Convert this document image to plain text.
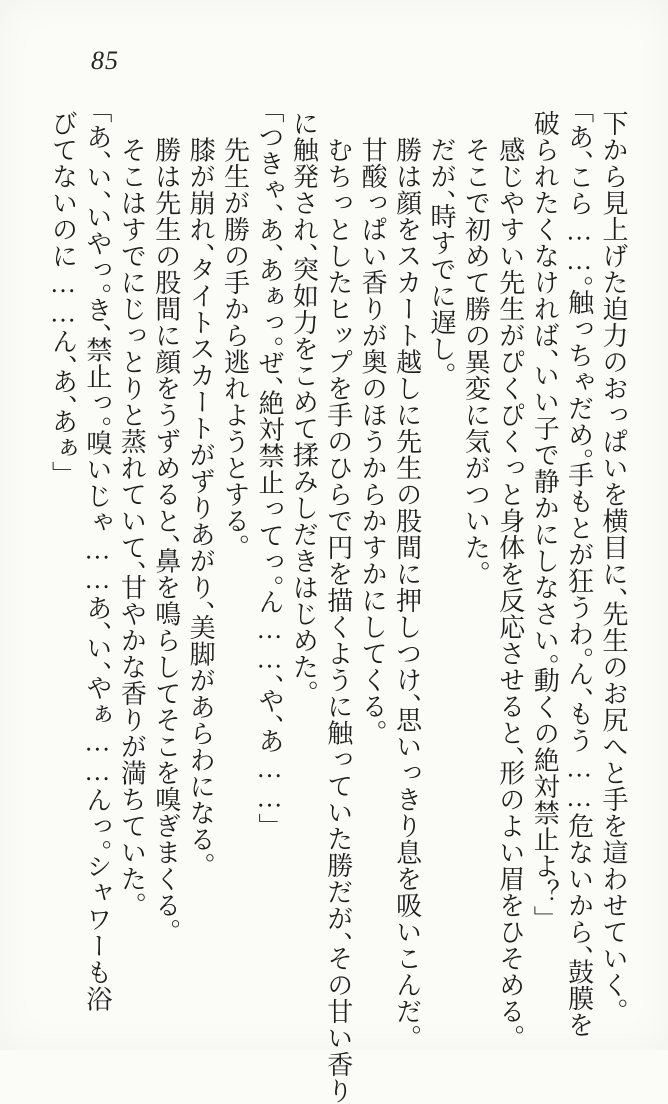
85
下から見上げた迫力のおっぱいを横目に、先生のお尻へと手を這わせていく。
「あ、こら……。触っちゃだめ。手もとが狂うわ。ん、もう……危ないから、鼓膜を
破られたくなければ、いい子で静かにしなさい。動くの絶対禁止よ？」
　感じやすい先生がぴくぴくっと身体を反応させると、形のよい眉をひそめる。
　そこで初めて勝の異変に気がついた。
　だが、時すでに遅し。
　勝は顔をスカート越しに先生の股間に押しつけ、思いっきり息を吸いこんだ。
　甘酸っぱい香りが奥のほうからかすかにしてくる。
　むちっとしたヒップを手のひらで円を描くように触っていた勝だが、その甘い香り
に触発され、突如力をこめて揉みしだきはじめた。
「つきゃ、あ、あぁっ。ぜ、絶対禁止ってっ。ん……、や、あ……」
　先生が勝の手から逃れようとする。
　膝が崩れ、タイトスカートがずりあがり、美脚があらわになる。
　勝は先生の股間に顔をうずめると、鼻を鳴らしてそこを嗅ぎまくる。
　そこはすでにじっとりと蒸れていて、甘やかな香りが満ちていた。
「あ、い、いやっ。き、禁止っ。嗅いじゃ……あ、い、やぁ……んっ。シャワーも浴
びてないのに……ん、あ、あぁ」
